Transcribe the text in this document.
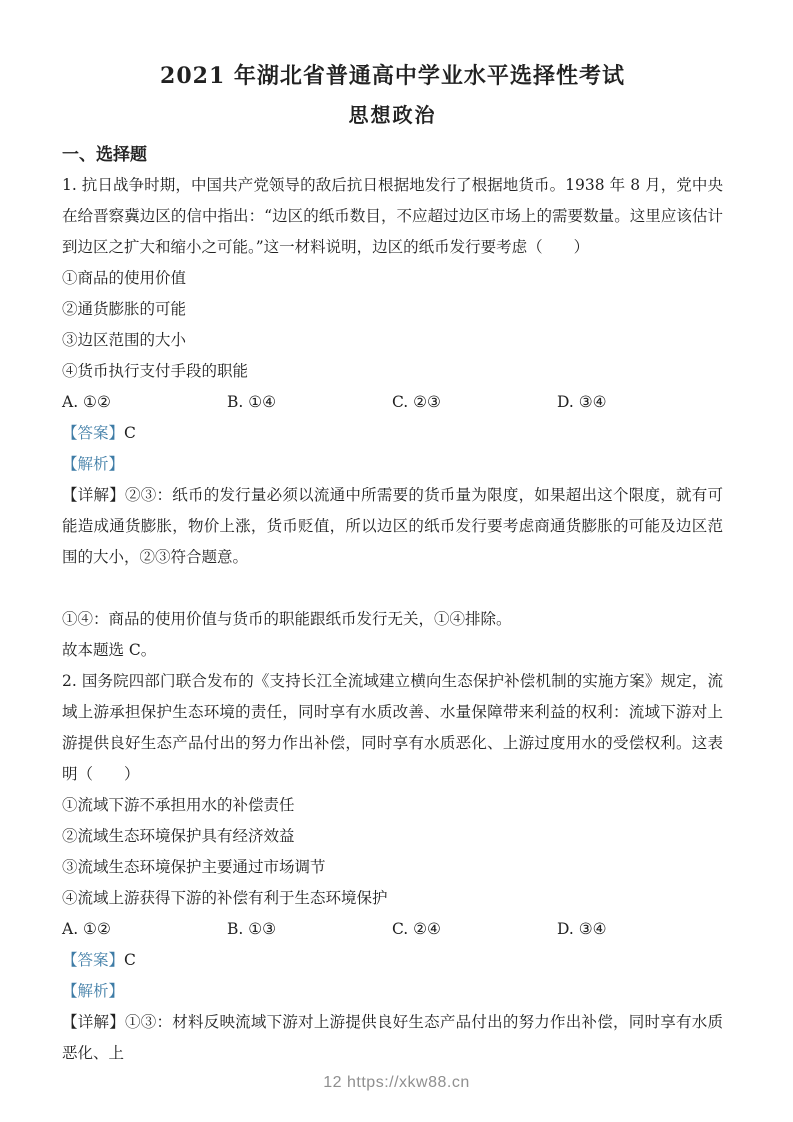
2021 年湖北省普通高中学业水平选择性考试
思想政治
一、选择题

1. 抗日战争时期，中国共产党领导的敌后抗日根据地发行了根据地货币。1938 年 8 月，党中央在给晋察冀边区的信中指出：“边区的纸币数目，不应超过边区市场上的需要数量。这里应该估计到边区之扩大和缩小之可能。”这一材料说明，边区的纸币发行要考虑（　　）

①商品的使用价值

②通货膨胀的可能

③边区范围的大小

④货币执行支付手段的职能

A. ①②	B. ①④	C. ②③	D. ③④

【答案】C

【解析】

【详解】②③：纸币的发行量必须以流通中所需要的货币量为限度，如果超出这个限度，就有可能造成通货膨胀，物价上涨，货币贬值，所以边区的纸币发行要考虑商通货膨胀的可能及边区范围的大小，②③符合题意。

①④：商品的使用价值与货币的职能跟纸币发行无关，①④排除。

故本题选 C。

2. 国务院四部门联合发布的《支持长江全流域建立横向生态保护补偿机制的实施方案》规定，流域上游承担保护生态环境的责任，同时享有水质改善、水量保障带来利益的权利：流域下游对上游提供良好生态产品付出的努力作出补偿，同时享有水质恶化、上游过度用水的受偿权利。这表明（　　）

①流域下游不承担用水的补偿责任

②流域生态环境保护具有经济效益

③流域生态环境保护主要通过市场调节

④流域上游获得下游的补偿有利于生态环境保护

A. ①②	B. ①③	C. ②④	D. ③④

【答案】C

【解析】

【详解】①③：材料反映流域下游对上游提供良好生态产品付出的努力作出补偿，同时享有水质恶化、上

12 https://xkw88.cn
